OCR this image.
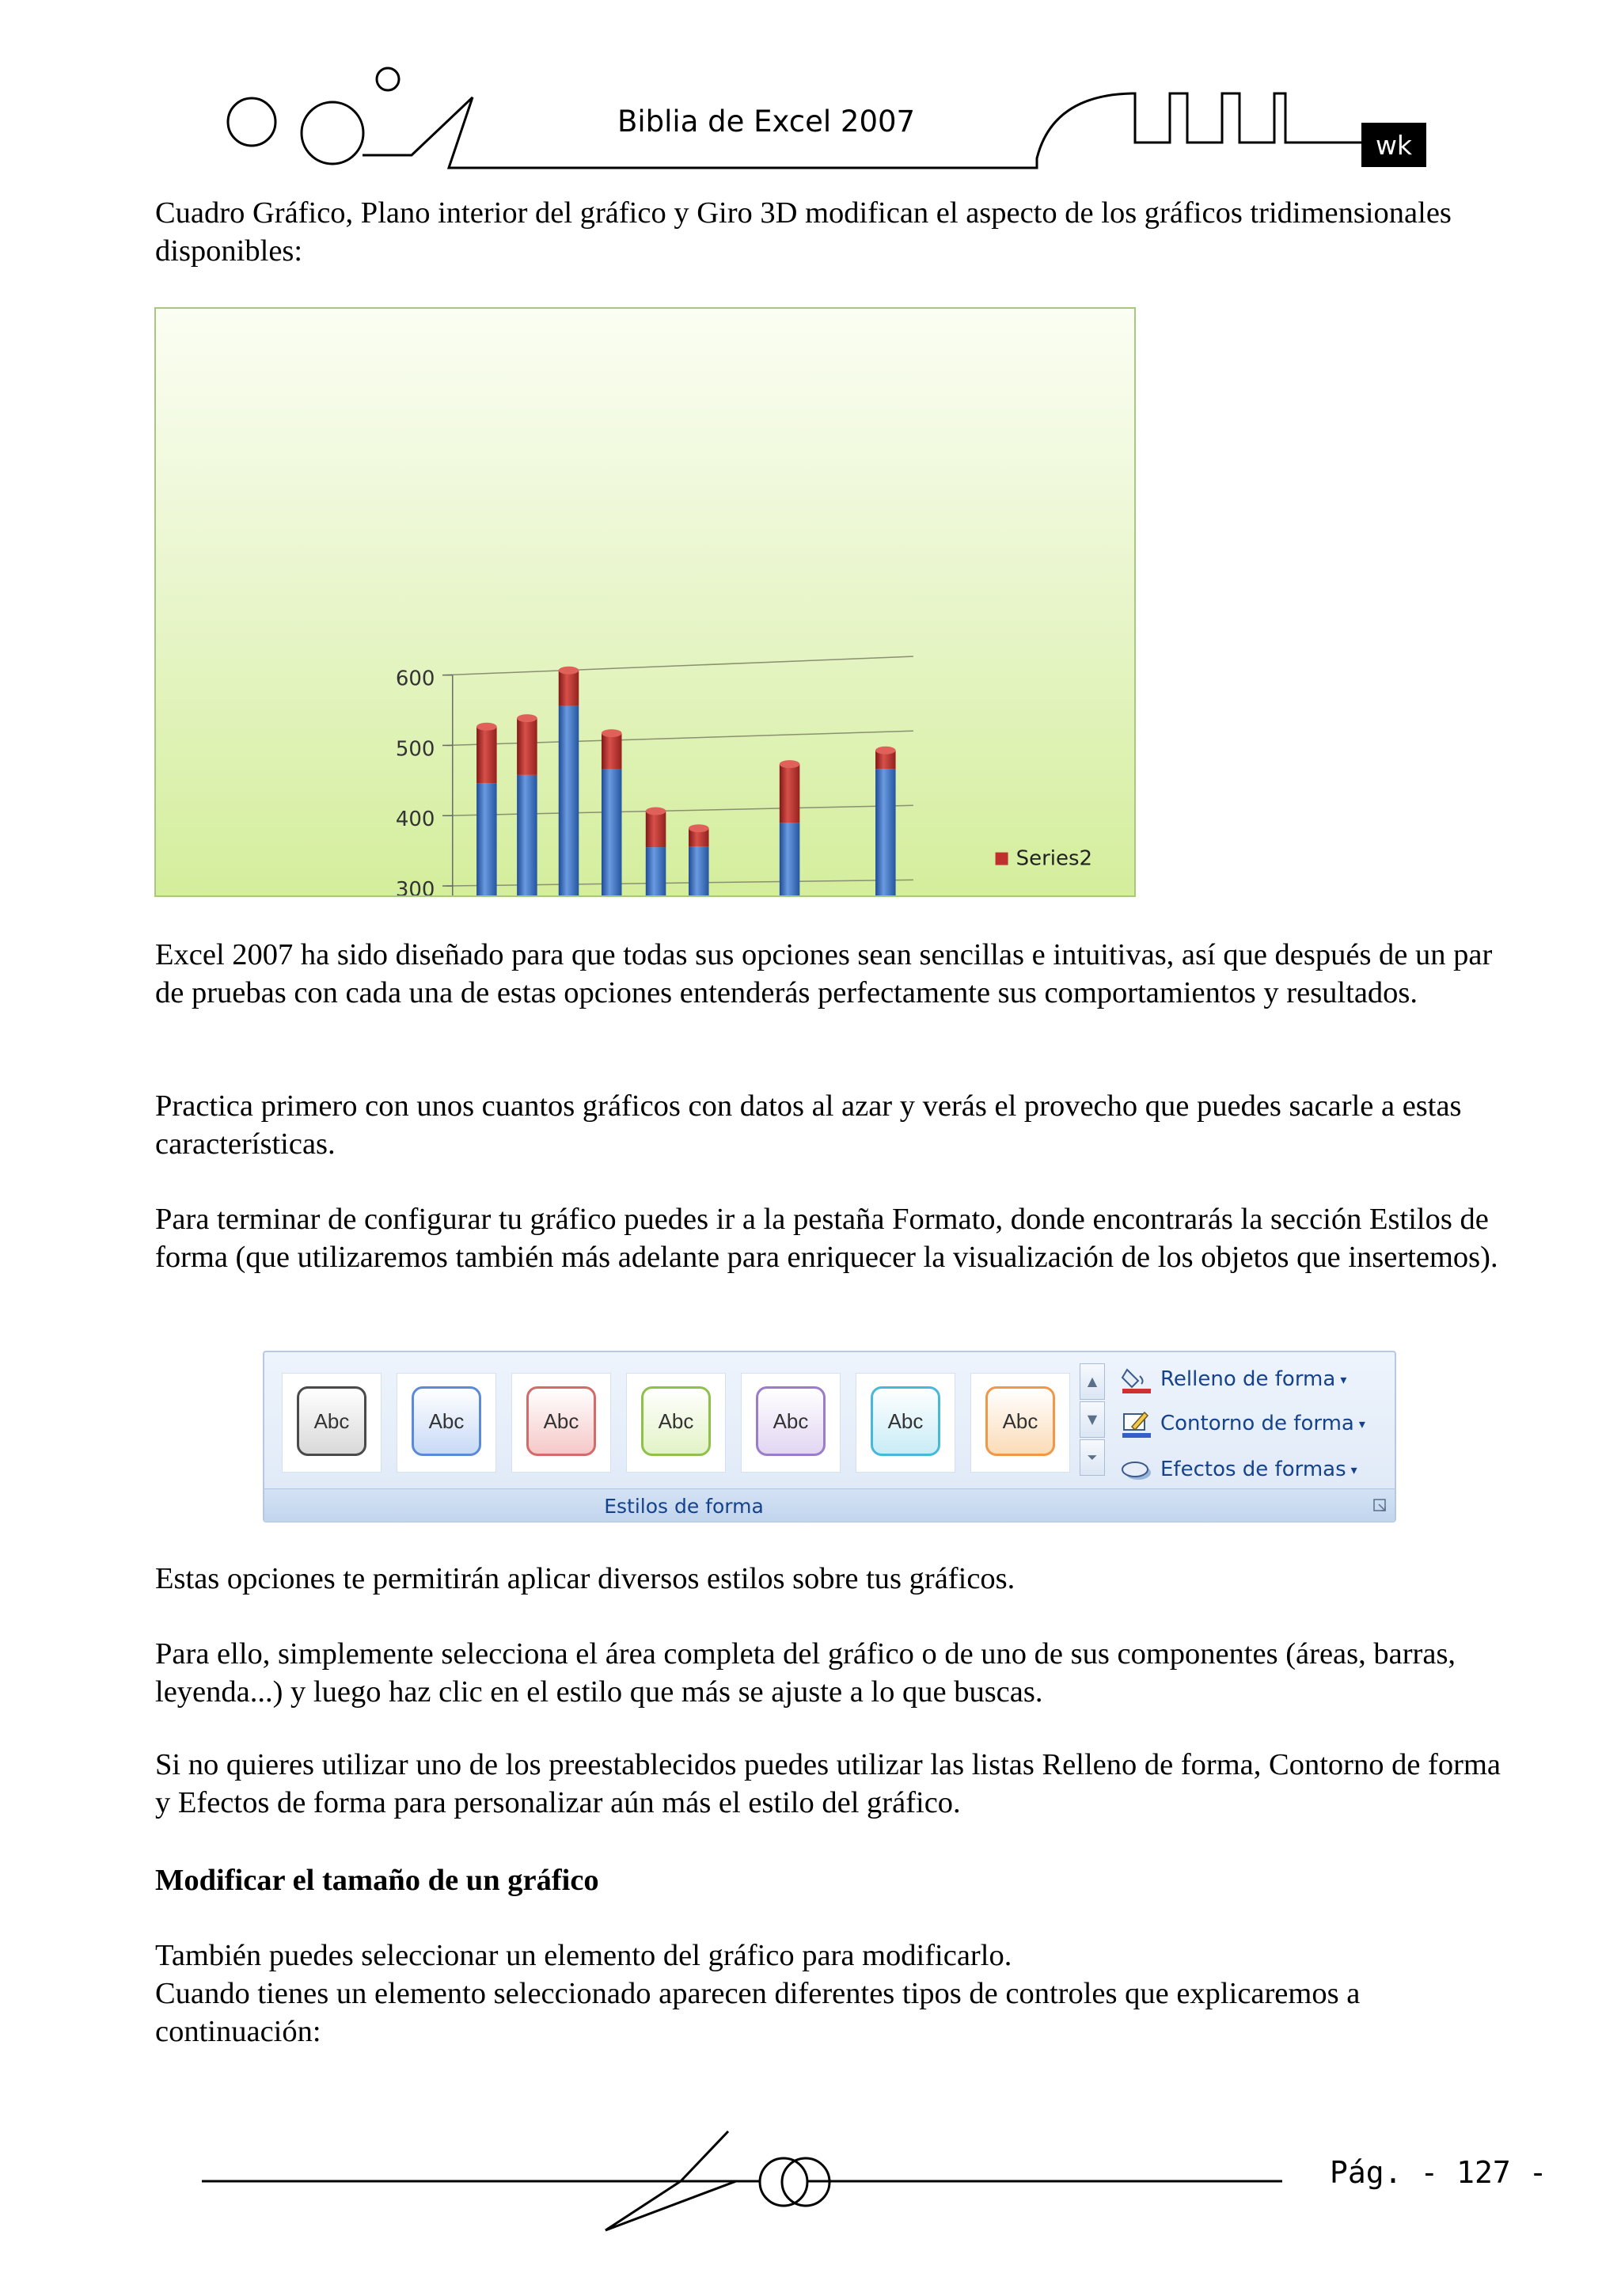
Biblia de Excel 2007
wk

Cuadro Gráfico, Plano interior del gráfico y Giro 3D modifican el aspecto de los gráficos tridimensionales disponibles:

300
400
500
600
Series2

Excel 2007 ha sido diseñado para que todas sus opciones sean sencillas e intuitivas, así que después de un par de pruebas con cada una de estas opciones entenderás perfectamente sus comportamientos y resultados.

Practica primero con unos cuantos gráficos con datos al azar y verás el provecho que puedes sacarle a estas características.

Para terminar de configurar tu gráfico puedes ir a la pestaña Formato, donde encontrarás la sección Estilos de forma (que utilizaremos también más adelante para enriquecer la visualización de los objetos que insertemos).

Estilos de forma
Abc	Abc	Abc	Abc	Abc	Abc	Abc
▲
▼
⏷
Relleno de forma ▾
Contorno de forma ▾
Efectos de formas ▾

Estas opciones te permitirán aplicar diversos estilos sobre tus gráficos.

Para ello, simplemente selecciona el área completa del gráfico o de uno de sus componentes (áreas, barras, leyenda...) y luego haz clic en el estilo que más se ajuste a lo que buscas.

Si no quieres utilizar uno de los preestablecidos puedes utilizar las listas Relleno de forma, Contorno de forma y Efectos de forma para personalizar aún más el estilo del gráfico.

Modificar el tamaño de un gráfico

También puedes seleccionar un elemento del gráfico para modificarlo.

Cuando tienes un elemento seleccionado aparecen diferentes tipos de controles que explicaremos a continuación:

Pág. - 127 -
